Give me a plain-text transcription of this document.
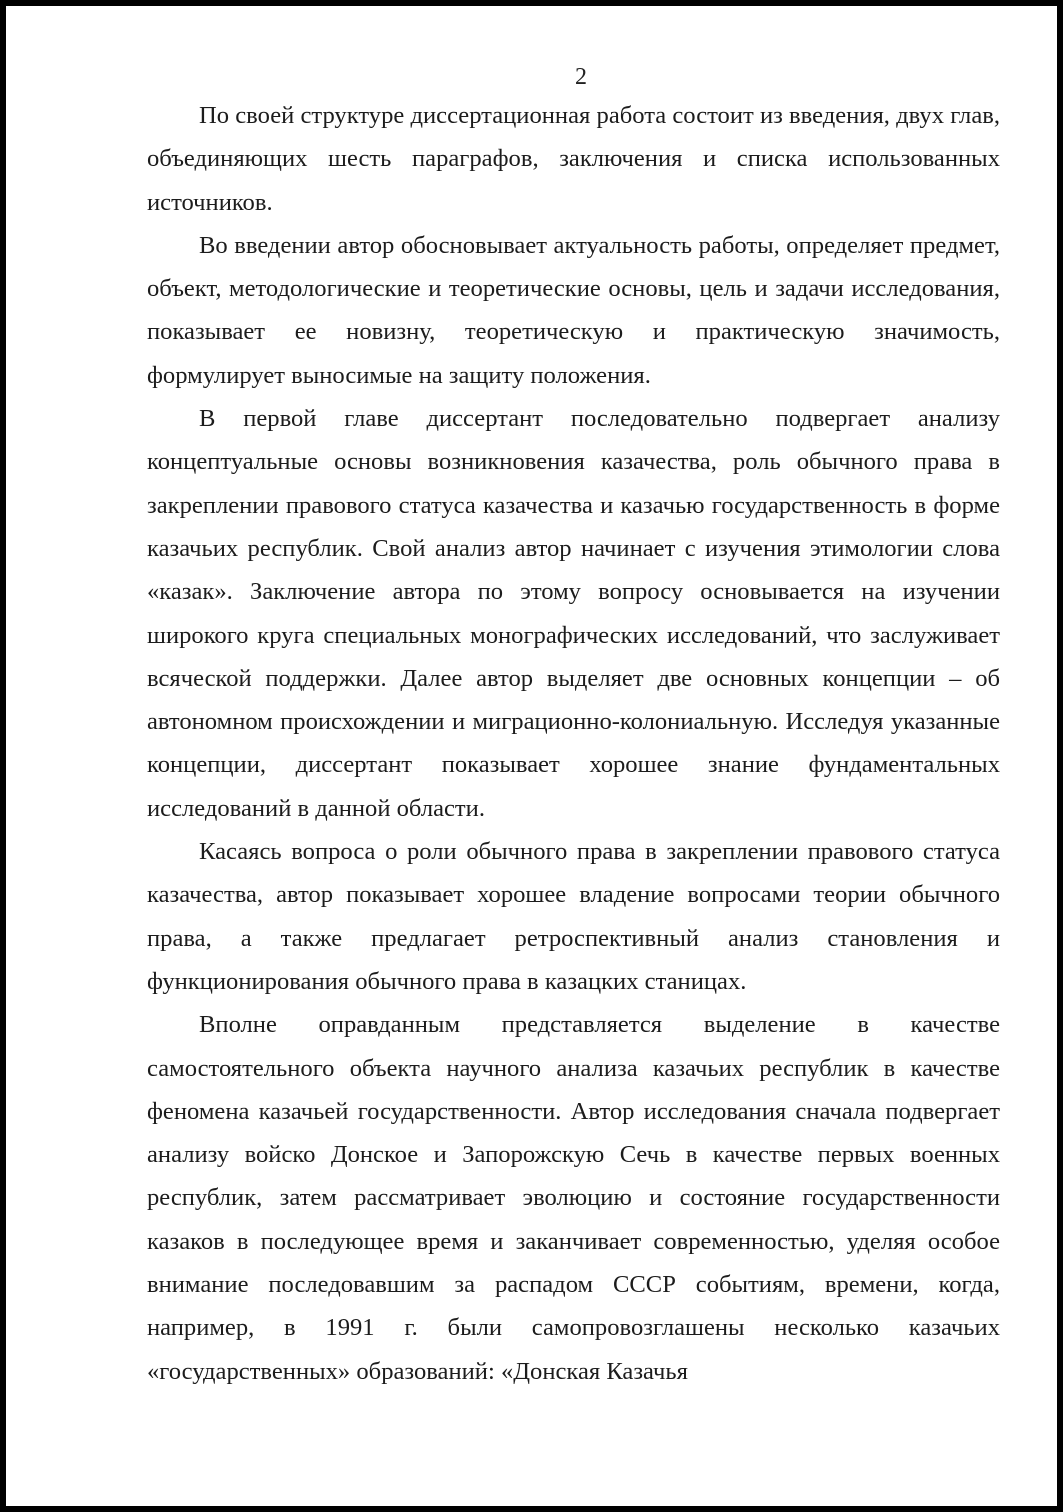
2

По своей структуре диссертационная работа состоит из введения, двух глав, объединяющих шесть параграфов, заключения и списка использованных источников.

Во введении автор обосновывает актуальность работы, определяет предмет, объект, методологические и теоретические основы, цель и задачи исследования, показывает ее новизну, теоретическую и практическую значимость, формулирует выносимые на защиту положения.

В первой главе диссертант последовательно подвергает анализу концептуальные основы возникновения казачества, роль обычного права в закреплении правового статуса казачества и казачью государственность в форме казачьих республик. Свой анализ автор начинает с изучения этимологии слова «казак». Заключение автора по этому вопросу основывается на изучении широкого круга специальных монографических исследований, что заслуживает всяческой поддержки. Далее автор выделяет две основных концепции – об автономном происхождении и миграционно-колониальную. Исследуя указанные концепции, диссертант показывает хорошее знание фундаментальных исследований в данной области.

Касаясь вопроса о роли обычного права в закреплении правового статуса казачества, автор показывает хорошее владение вопросами теории обычного права, а также предлагает ретроспективный анализ становления и функционирования обычного права в казацких станицах.

Вполне оправданным представляется выделение в качестве самостоятельного объекта научного анализа казачьих республик в качестве феномена казачьей государственности. Автор исследования сначала подвергает анализу войско Донское и Запорожскую Сечь в качестве первых военных республик, затем рассматривает эволюцию и состояние государственности казаков в последующее время и заканчивает современностью, уделяя особое внимание последовавшим за распадом СССР событиям, времени, когда, например, в 1991 г. были самопровозглашены несколько казачьих «государственных» образований: «Донская Казачья
